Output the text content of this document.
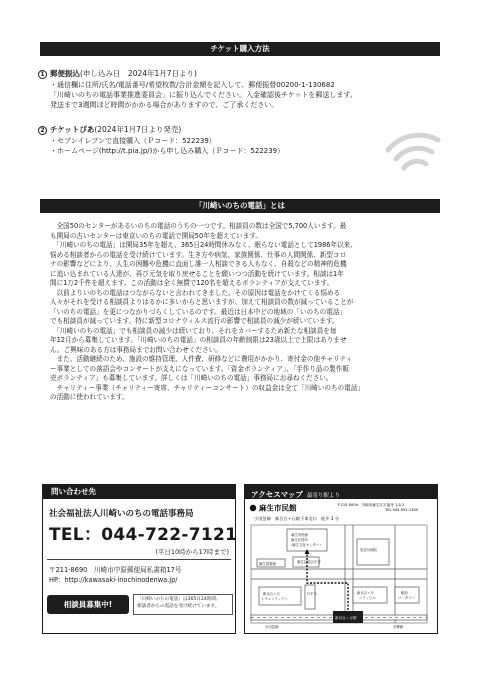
チケット購入方法
1 郵便振込(申し込み日　2024年1月7日より)
・通信欄に住所/氏名/電話番号/希望枚数/合計金額を記入して、郵便振替00200-1-130682
「川崎いのちの電話事業推進委員会」に振り込んでください。入金確認後チケットを郵送します。
発送まで3週間ほど時間がかかる場合がありますので、ご了承ください。
2 チケットぴあ(2024年1月7日より発売)
・セブンイレブンで直接購入（Ｐコード：522239）
・ホームページ(http://t.pia.jp/)から申し込み購入（Ｐコード：522239）
「川崎いのちの電話」とは

　全国50のセンターがあるいのちの電話のうちの一つです。相談員の数は全国で5,700人います。最

も開局の古いセンターは東京いのちの電話で開局50年を超えています。

　「川崎いのちの電話」は開局35年を超え、365日24時間休みなく、眠らない電話として1986年以来、

悩める相談者からの電話を受け続けています。生き方や病気、家族関係、仕事の人間関係、新型コロ

ナの影響などにより、人生の困難や危機に直面し誰一人相談できる人もなく、自殺などの精神的危機

に追い込まれている人達が、再び元気を取り戻せることを願いつつ活動を続けています。相談は1年

間に1万2千件を超えます。この活動は全く無償で120名を超えるボランティアが支えています。

　以前よりいのちの電話はつながらないと言われてきました。その原因は電話をかけてくる悩める

人々がそれを受ける相談員よりはるかに多いからと思いますが、加えて相談員の数が減っていることが

「いのちの電話」を更につながりづらくしているのです。最近は日本中どの地域の「いのちの電話」

でも相談員が減っています。特に新型コロナウィルス流行の影響で相談員の減少が続いています。

　「川崎いのちの電話」でも相談員の減少は続いており、それをカバーするため新たな相談員を毎

年12月から募集しています。「川崎いのちの電話」の相談員の年齢制限は23歳以上で上限はありませ

ん。ご興味のある方は事務局までお問い合わせください。

　また、活動継続のため、施設の維持管理、人件費、研修などに費用がかかり、寄付金の他チャリティ

ー事業としての落語会やコンサートが支えになっています。「資金ボランティア」、「手作り品の製作販

売ボランティア」も募集しています。詳しくは「川崎いのちの電話」事務局にお尋ねください。

　チャリティー事業（チャリティー寄席、チャリティーコンサート）の収益金は全て「川崎いのちの電話」

の活動に使われています。

問い合わせ先
社会福祉法人川崎いのちの電話事務局
TEL：044-722-7121
(平日10時から17時まで)
〒211-8690　川崎市中原郵便局私書箱17号
HP：http://kawasaki-inochinodenwa.jp/
相談員募集中!
「川崎いのちの電話」は365日24時間、
相談者からの電話を受け続けています。
アクセスマップ 最寄り駅より
麻生市民館	〒215-0004　川崎市麻生区万福寺 1-5-2
TEL 044-951-1300
小田急線　新百合ヶ丘駅下車北口　徒歩 3 分
麻生市民館
麻生区役所
（麻生文化センター）
麻生区総合庁舎
麻生図書館
長谷川病院
新百合ヶ丘
トウェンティワン
新百合ヶ丘
シティビル
駅前
ロータリー
ＯＰＡ
小田急線	多摩線
新百合ヶ丘駅
